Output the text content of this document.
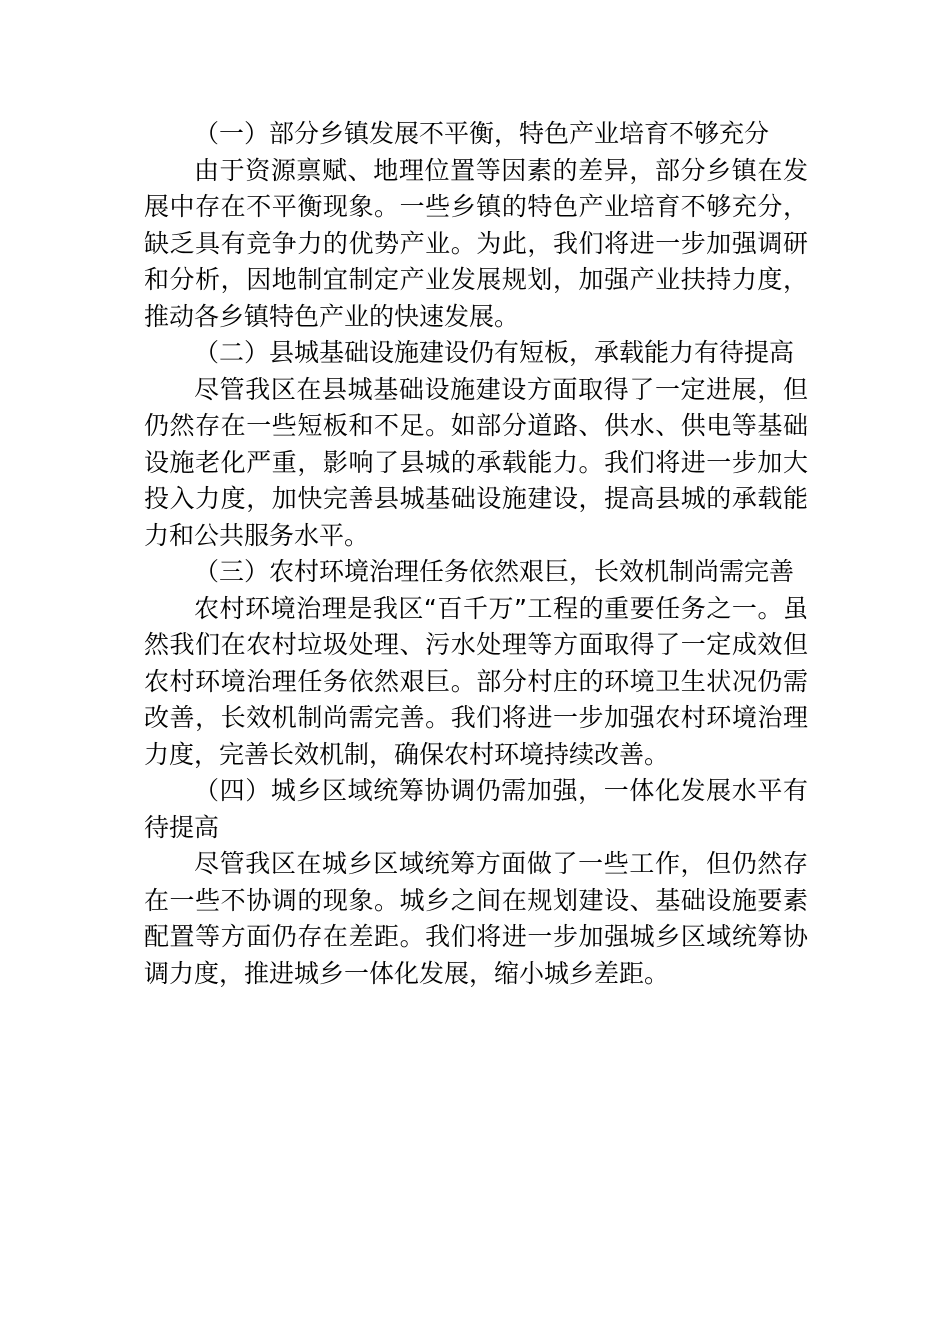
（一）部分乡镇发展不平衡，特色产业培育不够充分

由于资源禀赋、地理位置等因素的差异，部分乡镇在发展中存在不平衡现象。一些乡镇的特色产业培育不够充分，缺乏具有竞争力的优势产业。为此，我们将进一步加强调研和分析，因地制宜制定产业发展规划，加强产业扶持力度，推动各乡镇特色产业的快速发展。

（二）县城基础设施建设仍有短板，承载能力有待提高

尽管我区在县城基础设施建设方面取得了一定进展，但仍然存在一些短板和不足。如部分道路、供水、供电等基础设施老化严重，影响了县城的承载能力。我们将进一步加大投入力度，加快完善县城基础设施建设，提高县城的承载能力和公共服务水平。

（三）农村环境治理任务依然艰巨，长效机制尚需完善

农村环境治理是我区“百千万”工程的重要任务之一。虽然我们在农村垃圾处理、污水处理等方面取得了一定成效但农村环境治理任务依然艰巨。部分村庄的环境卫生状况仍需改善，长效机制尚需完善。我们将进一步加强农村环境治理力度，完善长效机制，确保农村环境持续改善。

（四）城乡区域统筹协调仍需加强，一体化发展水平有待提高

尽管我区在城乡区域统筹方面做了一些工作，但仍然存在一些不协调的现象。城乡之间在规划建设、基础设施要素配置等方面仍存在差距。我们将进一步加强城乡区域统筹协调力度，推进城乡一体化发展，缩小城乡差距。
